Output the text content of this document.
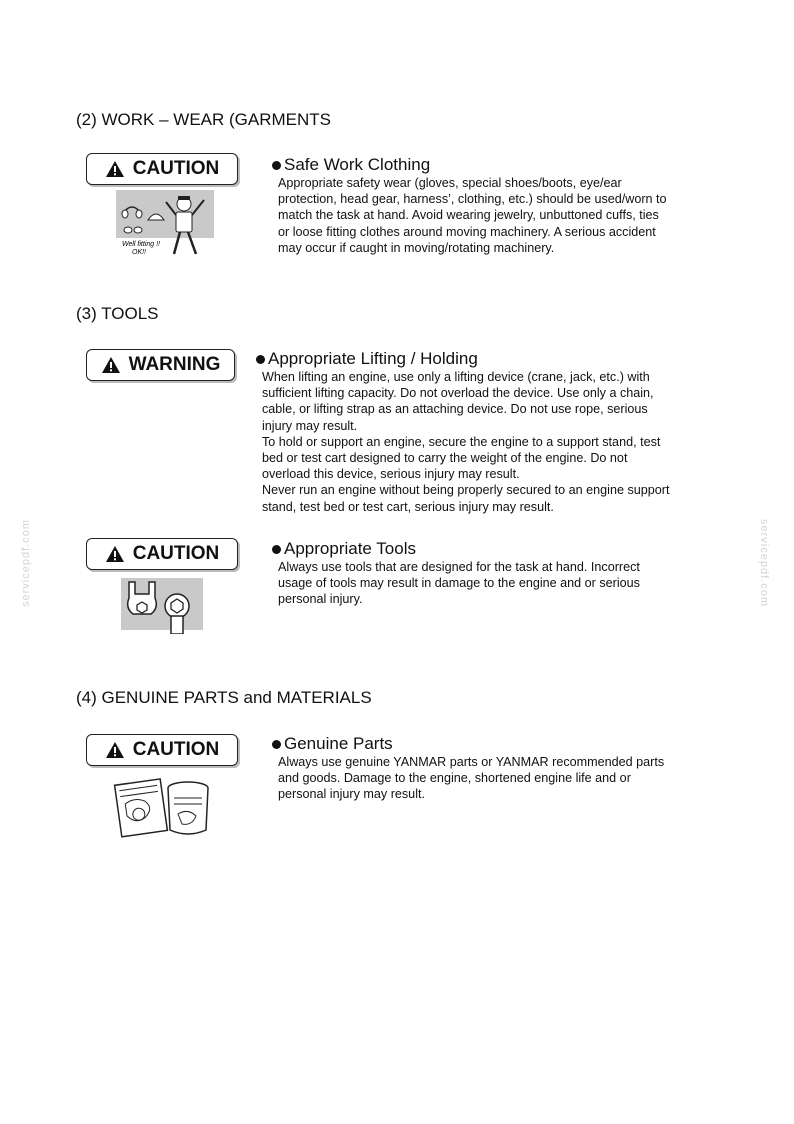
servicepdf.com	servicepdf.com
(2) WORK – WEAR (GARMENTS
CAUTION
Well fitting !!
OK!!
Safe Work Clothing
Appropriate safety wear (gloves, special shoes/boots, eye/ear
protection, head gear, harness’, clothing, etc.) should be used/worn to
match the task at hand. Avoid wearing jewelry, unbuttoned cuffs, ties
or loose fitting clothes around moving machinery. A serious accident
may occur if caught in moving/rotating machinery.
(3) TOOLS
WARNING	Appropriate Lifting / Holding
When lifting an engine, use only a lifting device (crane, jack, etc.) with
sufficient lifting capacity. Do not overload the device. Use only a chain,
cable, or lifting strap as an attaching device. Do not use rope, serious
injury may result.
To hold or support an engine, secure the engine to a support stand, test
bed or test cart designed to carry the weight of the engine. Do not
overload this device, serious injury may result.
Never run an engine without being properly secured to an engine support
stand, test bed or test cart, serious injury may result.
CAUTION	Appropriate Tools
Always use tools that are designed for the task at hand. Incorrect
usage of tools may result in damage to the engine and or serious
personal injury.
(4) GENUINE PARTS and MATERIALS
CAUTION	Genuine Parts
Always use genuine YANMAR parts or YANMAR recommended parts
and goods. Damage to the engine, shortened engine life and or
personal injury may result.
